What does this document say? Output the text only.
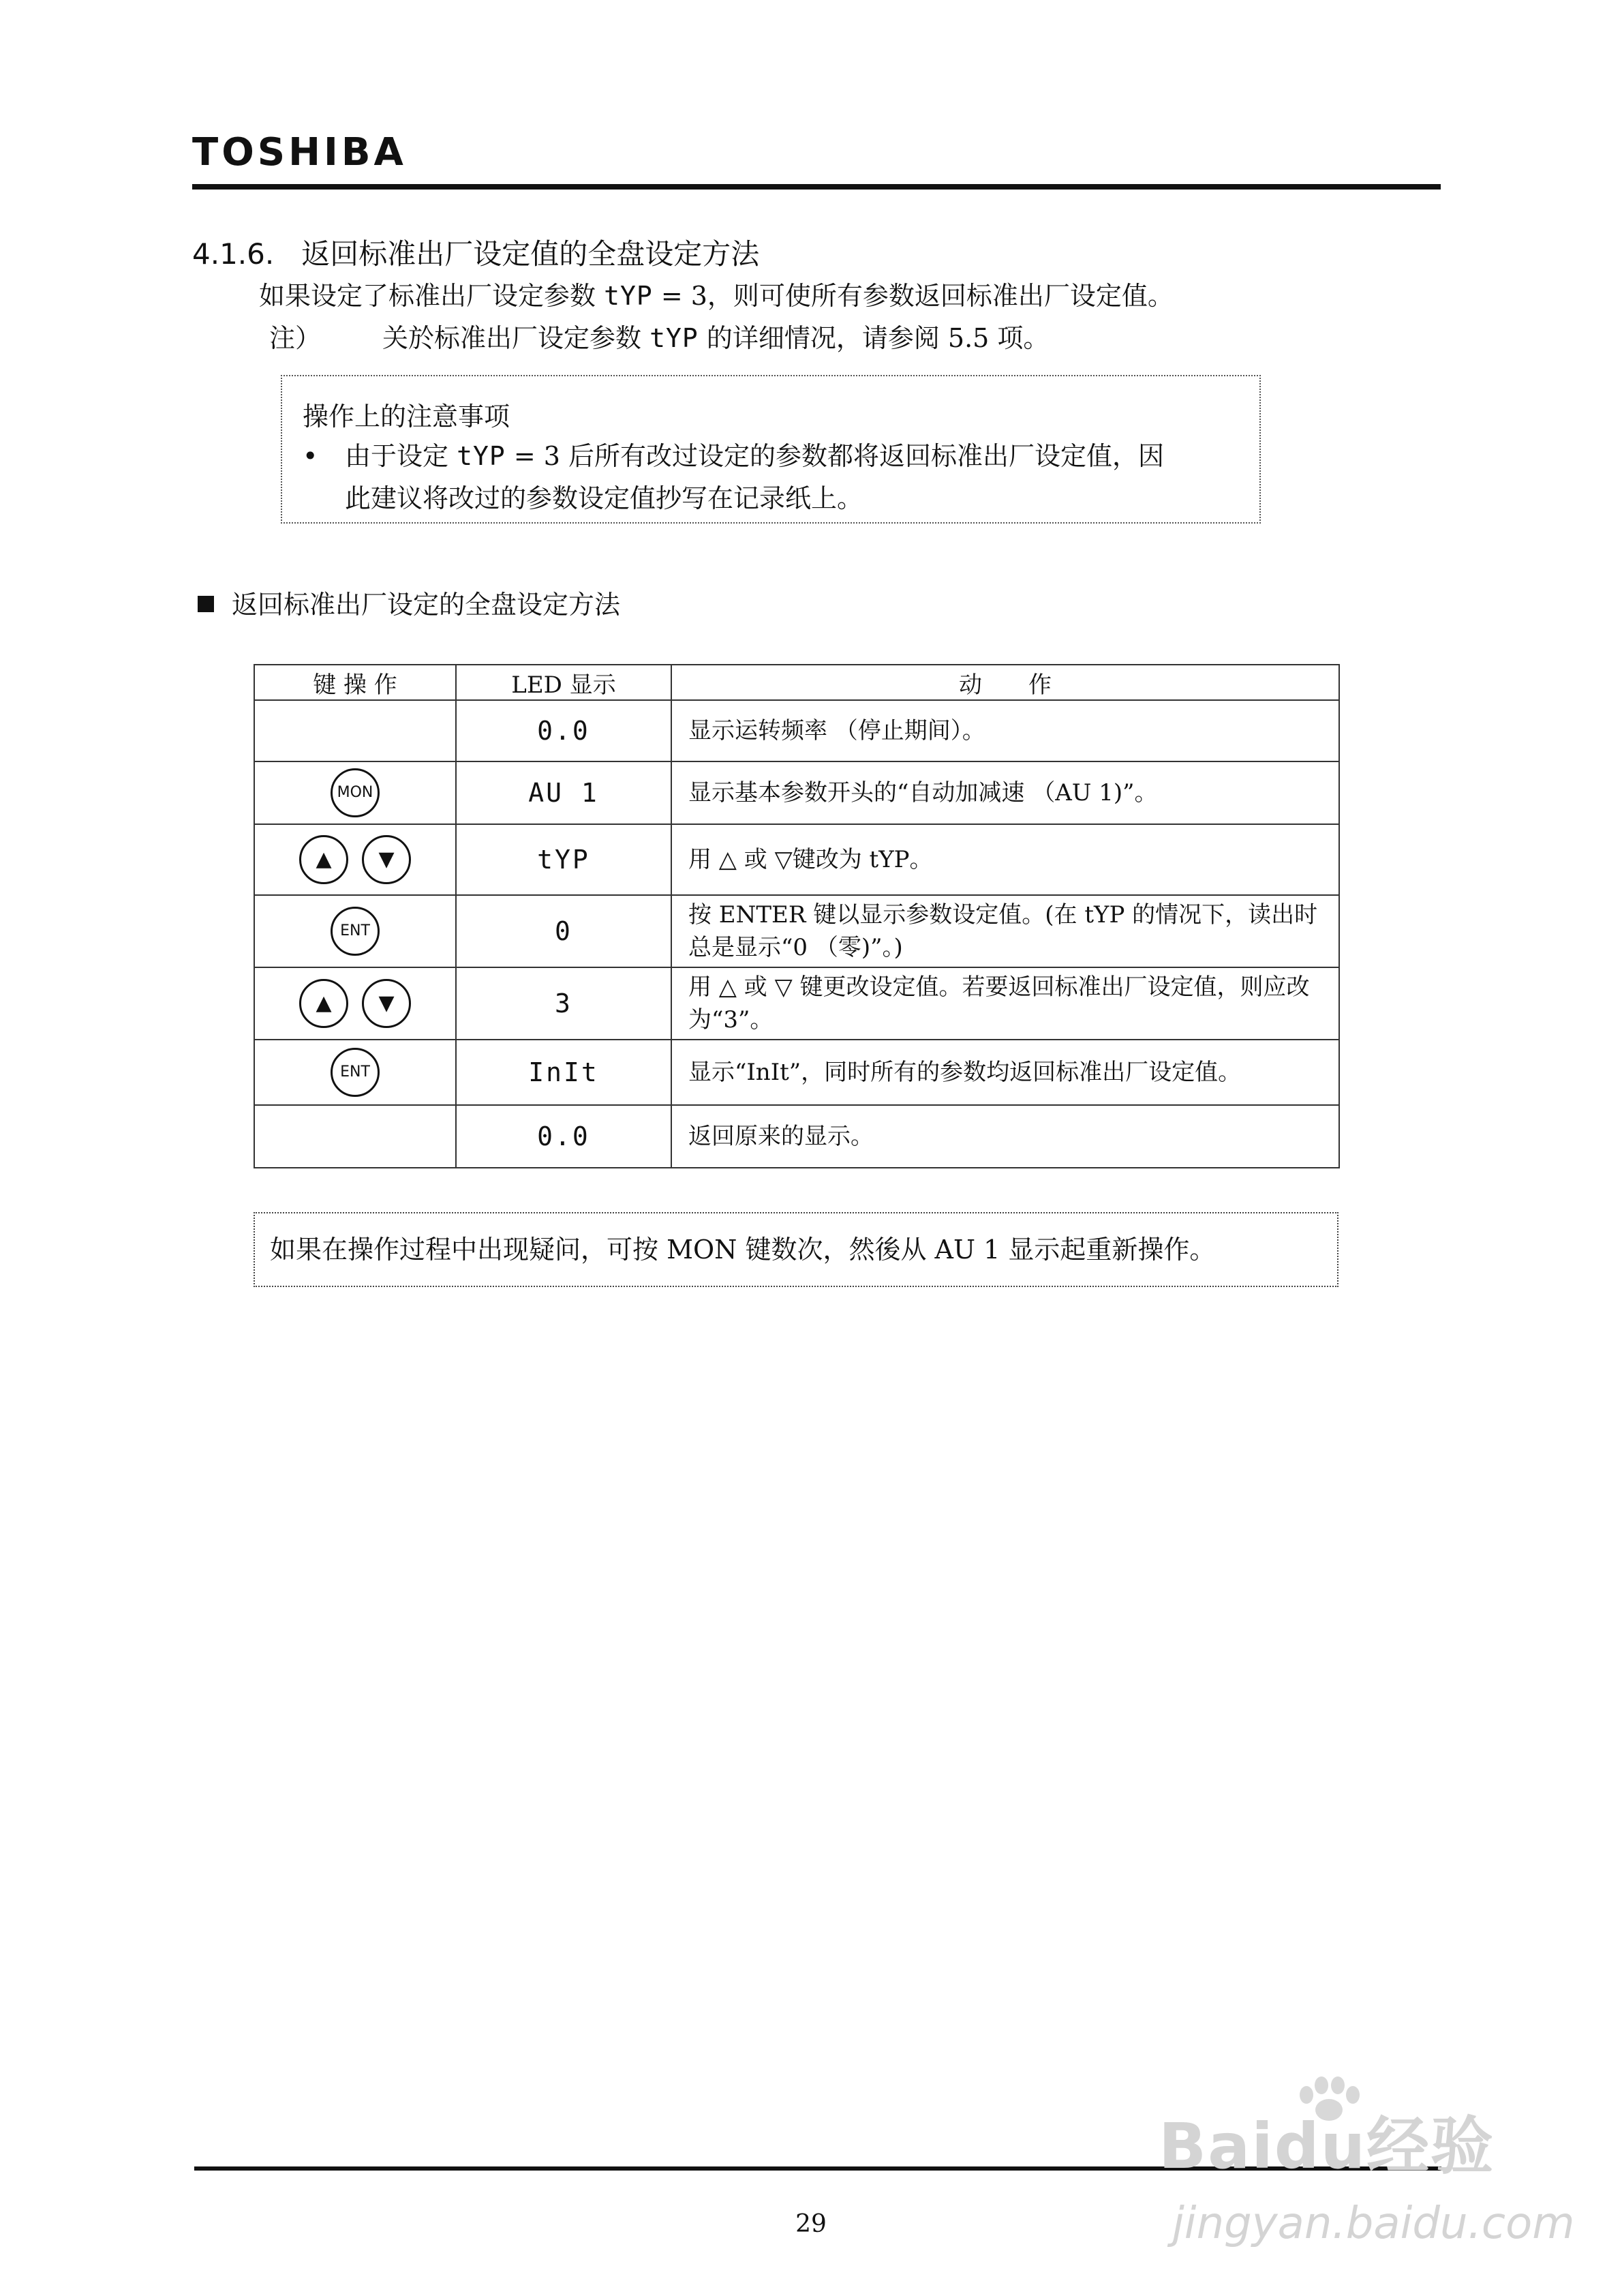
TOSHIBA
4.1.6. 返回标准出厂设定值的全盘设定方法
如果设定了标准出厂设定参数 tYP = 3，则可使所有参数返回标准出厂设定值。
注） 关於标准出厂设定参数 tYP 的详细情况，请参阅 5.5 项。
操作上的注意事项
• 由于设定 tYP = 3 后所有改过设定的参数都将返回标准出厂设定值，因
此建议将改过的参数设定值抄写在记录纸上。
返回标准出厂设定的全盘设定方法
键 操 作	LED 显示	动　　作
	0.0	显示运转频率 （停止期间）。
MON	AU 1	显示基本参数开头的“自动加减速 （AU 1)”。
▲ ▼	tYP	用 △ 或 ▽键改为 tYP。
ENT	0	按 ENTER 键以显示参数设定值。(在 tYP 的情况下，读出时总是显示“0 （零)”。)
▲ ▼	3	用 △ 或 ▽ 键更改设定值。若要返回标准出厂设定值，则应改为“3”。
ENT	InIt	显示“InIt”，同时所有的参数均返回标准出厂设定值。
	0.0	返回原来的显示。
如果在操作过程中出现疑问，可按 MON 键数次，然後从 AU 1 显示起重新操作。
29
Baidu经验
jingyan.baidu.com
